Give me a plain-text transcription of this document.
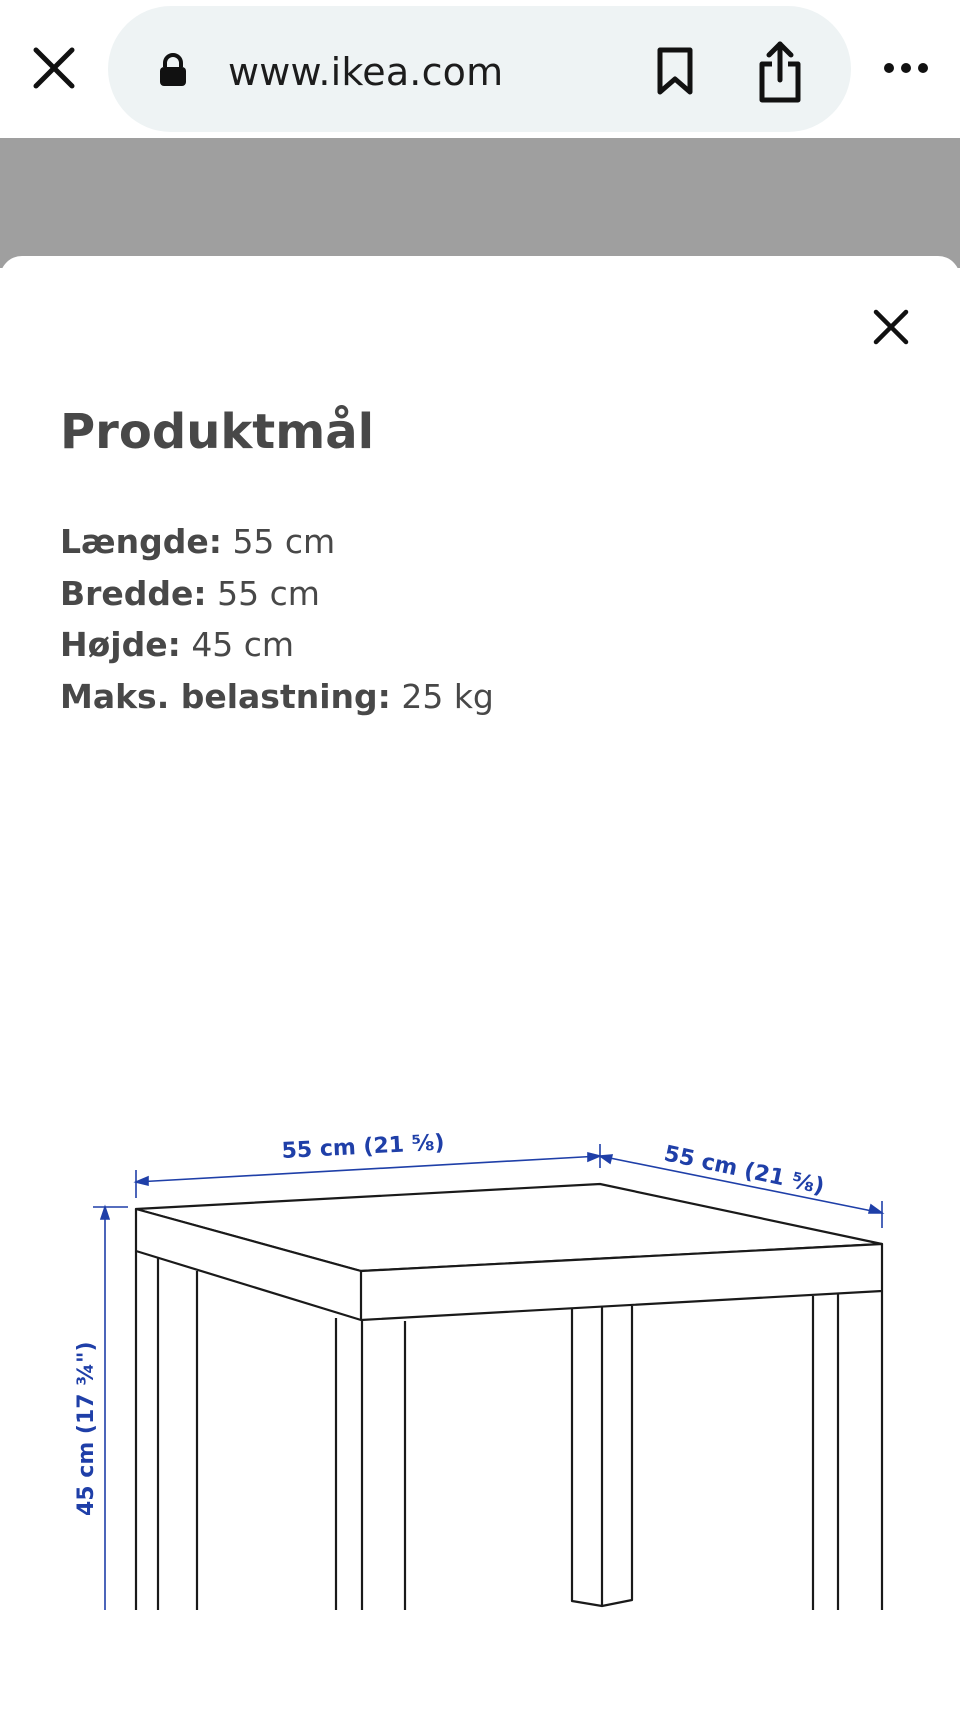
www.ikea.com
Produktmål
Længde: 55 cm
Bredde: 55 cm
Højde: 45 cm
Maks. belastning: 25 kg
55 cm (21 ⅝)	55 cm (21 ⅝)
45 cm (17 ¾")
